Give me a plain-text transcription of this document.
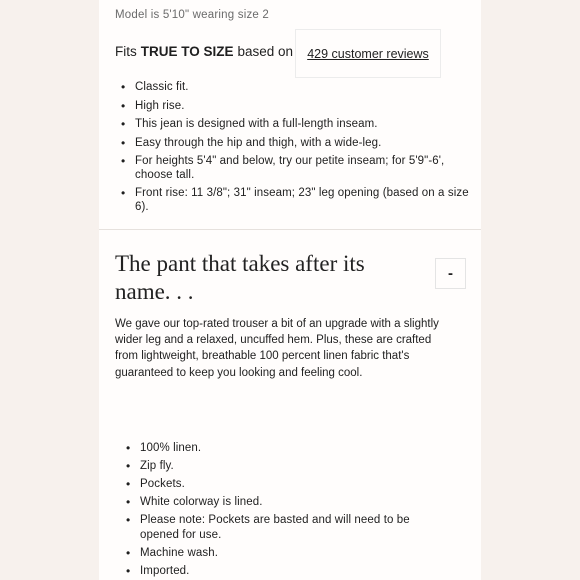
Model is 5'10" wearing size 2
Fits TRUE TO SIZE based on	429 customer reviews
• Classic fit.
• High rise.
• This jean is designed with a full-length inseam.
• Easy through the hip and thigh, with a wide-leg.
• For heights 5'4" and below, try our petite inseam; for 5'9"-6', choose tall.
• Front rise: 11 3/8"; 31" inseam; 23" leg opening (based on a size 6).
The pant that takes after its name. . .
-
We gave our top-rated trouser a bit of an upgrade with a slightly wider leg and a relaxed, uncuffed hem. Plus, these are crafted from lightweight, breathable 100 percent linen fabric that's guaranteed to keep you looking and feeling cool.
• 100% linen.
• Zip fly.
• Pockets.
• White colorway is lined.
• Please note: Pockets are basted and will need to be opened for use.
• Machine wash.
• Imported.
